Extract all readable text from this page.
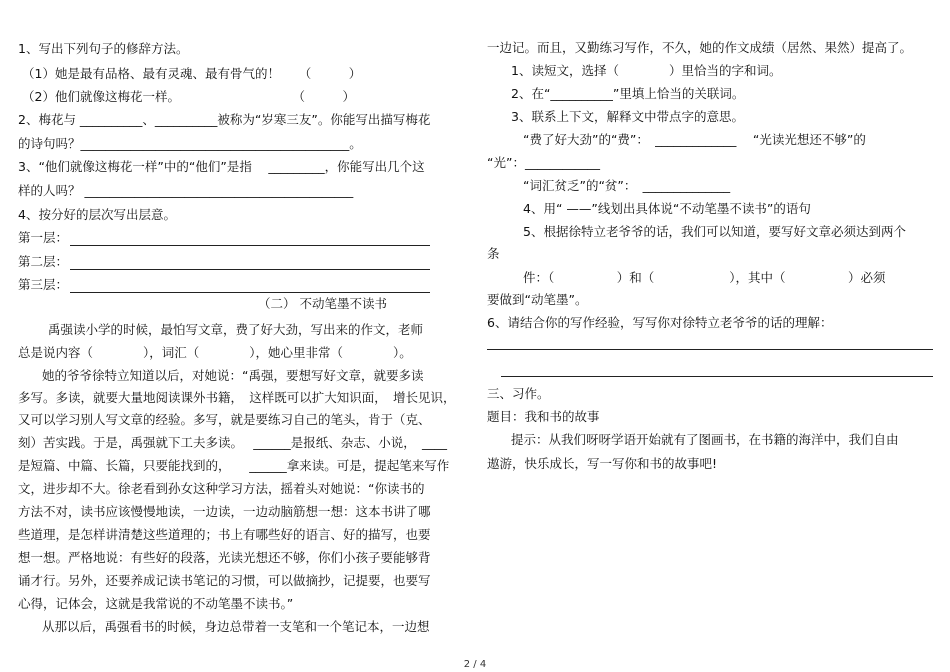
1、写出下列句子的修辞方法。
（1）她是最有品格、最有灵魂、最有骨气的！　　（　　　）
（2）他们就像这梅花一样。　　　　　　　　　　（　　　）
2、梅花与 __________、__________被称为“岁寒三友”。你能写出描写梅花
的诗句吗？___________________________________________。
3、“他们就像这梅花一样”中的“他们”是指　 _________，你能写出几个这
样的人吗？ ___________________________________________
4、按分好的层次写出层意。
第一层：
第二层：
第三层：
（二） 不动笔墨不读书
禹强读小学的时候，最怕写文章，费了好大劲，写出来的作文，老师
总是说内容（　　　　），词汇（　　　　），她心里非常（　　　　）。
她的爷爷徐特立知道以后，对她说：“禹强，要想写好文章，就要多读
多写。多读，就要大量地阅读课外书籍，　这样既可以扩大知识面，　增长见识，
又可以学习别人写文章的经验。多写，就是要练习自己的笔头，肯于（克、
刻）苦实践。于是，禹强就下工夫多读。　 ______是报纸、杂志、小说，　____
是短篇、中篇、长篇，只要能找到的，　　______拿来读。可是，提起笔来写作
文，进步却不大。徐老看到孙女这种学习方法，摇着头对她说：“你读书的
方法不对，读书应该慢慢地读，一边读，一边动脑筋想一想：这本书讲了哪
些道理，是怎样讲清楚这些道理的；书上有哪些好的语言、好的描写，也要
想一想。严格地说：有些好的段落，光读光想还不够，你们小孩子要能够背
诵才行。另外，还要养成记读书笔记的习惯，可以做摘抄，记提要，也要写
心得，记体会，这就是我常说的不动笔墨不读书。”
从那以后，禹强看书的时候，身边总带着一支笔和一个笔记本，一边想
一边记。而且，又勤练习写作，不久，她的作文成绩（居然、果然）提高了。
1、读短文，选择（　　　　）里恰当的字和词。
2、在“__________”里填上恰当的关联词。
3、联系上下文，解释文中带点字的意思。
“费了好大劲”的“费”：　_____________　 “光读光想还不够”的
“光”：____________
“词汇贫乏”的“贫”：　______________
4、用“ ——”线划出具体说“不动笔墨不读书”的语句
5、根据徐特立老爷爷的话，我们可以知道，要写好文章必须达到两个
条
件：（　　　　　）和（　　　　　　），其中（　　　　　）必须
要做到“动笔墨”。
6、请结合你的写作经验，写写你对徐特立老爷爷的话的理解：
三、习作。
题目：我和书的故事
提示：从我们呀呀学语开始就有了图画书，在书籍的海洋中，我们自由
遨游，快乐成长，写一写你和书的故事吧!
2 / 4
